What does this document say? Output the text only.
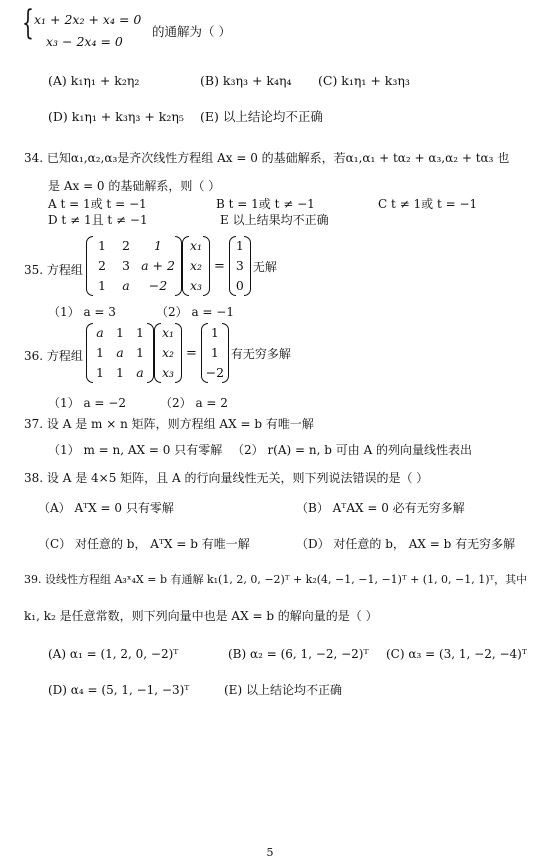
{ x₁ + 2x₂ + x₄ = 0
x₃ − 2x₄ = 0
的通解为（ ）
(A) k₁η₁ + k₂η₂	(B) k₃η₃ + k₄η₄ (C) k₁η₁ + k₃η₃
(D) k₁η₁ + k₃η₃ + k₂η₅ (E) 以上结论均不正确
34. 已知α₁,α₂,α₃是齐次线性方程组 Ax = 0 的基础解系，若α₁,α₁ + tα₂ + α₃,α₂ + tα₃ 也
是 Ax = 0 的基础解系，则（ ）
A t = 1或 t = −1	B t = 1或 t ≠ −1	C t ≠ 1或 t = −1
D t ≠ 1且 t ≠ −1	E 以上结果均不正确
35. 方程组
1	2	1
2	3 a + 2
1	a	−2
x₁
x₂
x₃
=
1
3
0
无解
（1） a = 3	（2） a = −1
36. 方程组
a 1 1
1 a 1
1 1 a
x₁
x₂
x₃
=
1
1
−2
有无穷多解
（1） a = −2	（2） a = 2
37. 设 A 是 m × n 矩阵，则方程组 AX = b 有唯一解
（1） m = n, AX = 0 只有零解 （2） r(A) = n, b 可由 A 的列向量线性表出
38. 设 A 是 4×5 矩阵，且 A 的行向量线性无关，则下列说法错误的是（ ）
（A） AᵀX = 0 只有零解	（B） AᵀAX = 0 必有无穷多解
（C） 对任意的 b， AᵀX = b 有唯一解	（D） 对任意的 b， AX = b 有无穷多解
39. 设线性方程组 A₃ˣ₄X = b 有通解 k₁(1, 2, 0, −2)ᵀ + k₂(4, −1, −1, −1)ᵀ + (1, 0, −1, 1)ᵀ，其中
k₁, k₂ 是任意常数，则下列向量中也是 AX = b 的解向量的是（ ）
(A) α₁ = (1, 2, 0, −2)ᵀ	(B) α₂ = (6, 1, −2, −2)ᵀ (C) α₃ = (3, 1, −2, −4)ᵀ
(D) α₄ = (5, 1, −1, −3)ᵀ	(E) 以上结论均不正确
5
